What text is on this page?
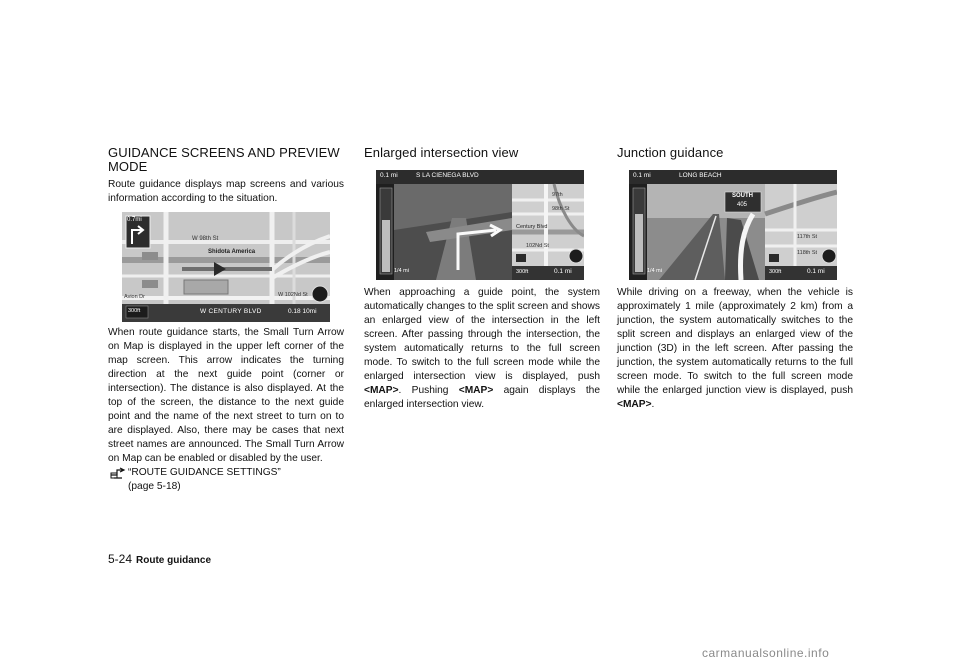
GUIDANCE SCREENS AND PREVIEW
MODE

Route guidance displays map screens and various information according to the situation.

0.7mi
W 98th St
Shidota America
W 102Nd St
Avion Dr
300ft	W CENTURY BLVD	0.18 10mi

When route guidance starts, the Small Turn Arrow on Map is displayed in the upper left corner of the map screen. This arrow indicates the turning direction at the next guide point (corner or intersection). The distance is also displayed. At the top of the screen, the distance to the next guide point and the name of the next street to turn on to are displayed. Also, there may be cases that next street names are announced. The Small Turn Arrow on Map can be enabled or disabled by the user.

“ROUTE GUIDANCE SETTINGS”
(page 5-18)
Enlarged intersection view
0.1 mi	S LA CIENEGA BLVD
1/4 mi
97th
98th St
Century Blvd
102Nd St
300ft	0.1 mi

When approaching a guide point, the system automatically changes to the split screen and shows an enlarged view of the intersection in the left screen. After passing through the intersection, the system automatically returns to the full screen mode. To switch to the full screen mode while the enlarged intersection view is displayed, push <MAP>. Pushing <MAP> again displays the enlarged intersection view.

Junction guidance
0.1 mi	LONG BEACH
SOUTH
405
1/4 mi
117th St
118th St
300ft	0.1 mi

While driving on a freeway, when the vehicle is approximately 1 mile (approximately 2 km) from a junction, the system automatically switches to the split screen and displays an enlarged view of the junction (3D) in the left screen. After passing the junction, the system automatically returns to the full screen mode. To switch to the full screen mode while the enlarged junction view is displayed, push <MAP>.

5-24 Route guidance
carmanualsonline.info
